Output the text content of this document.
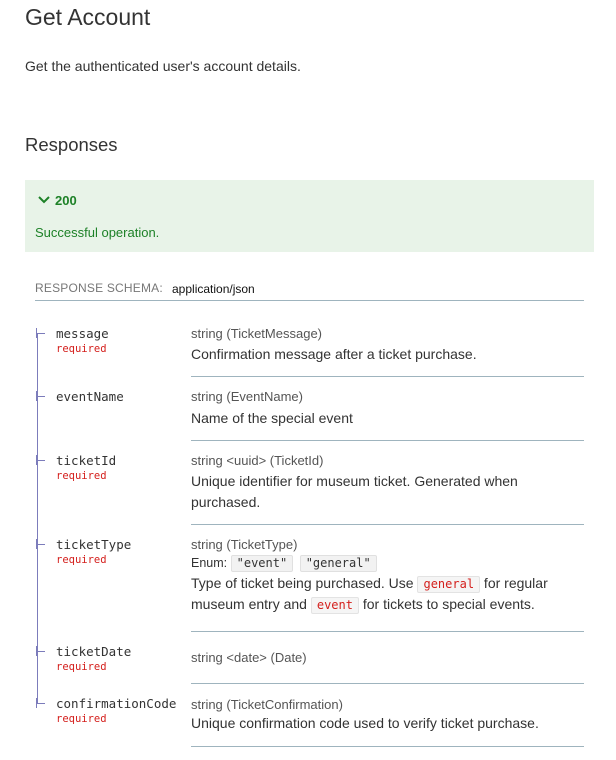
Get Account
Get the authenticated user's account details.
Responses
200
Successful operation.
RESPONSE SCHEMA: application/json
message
required
string (TicketMessage)
Confirmation message after a ticket purchase.
eventName	string (EventName)
Name of the special event
ticketId
required
string <uuid> (TicketId)
Unique identifier for museum ticket. Generated when
purchased.
ticketType
required
string (TicketType)
Enum: "event" "general"
Type of ticket being purchased. Use general for regular
museum entry and event for tickets to special events.
ticketDate
required
string <date> (Date)
confirmationCode
required
string (TicketConfirmation)
Unique confirmation code used to verify ticket purchase.
